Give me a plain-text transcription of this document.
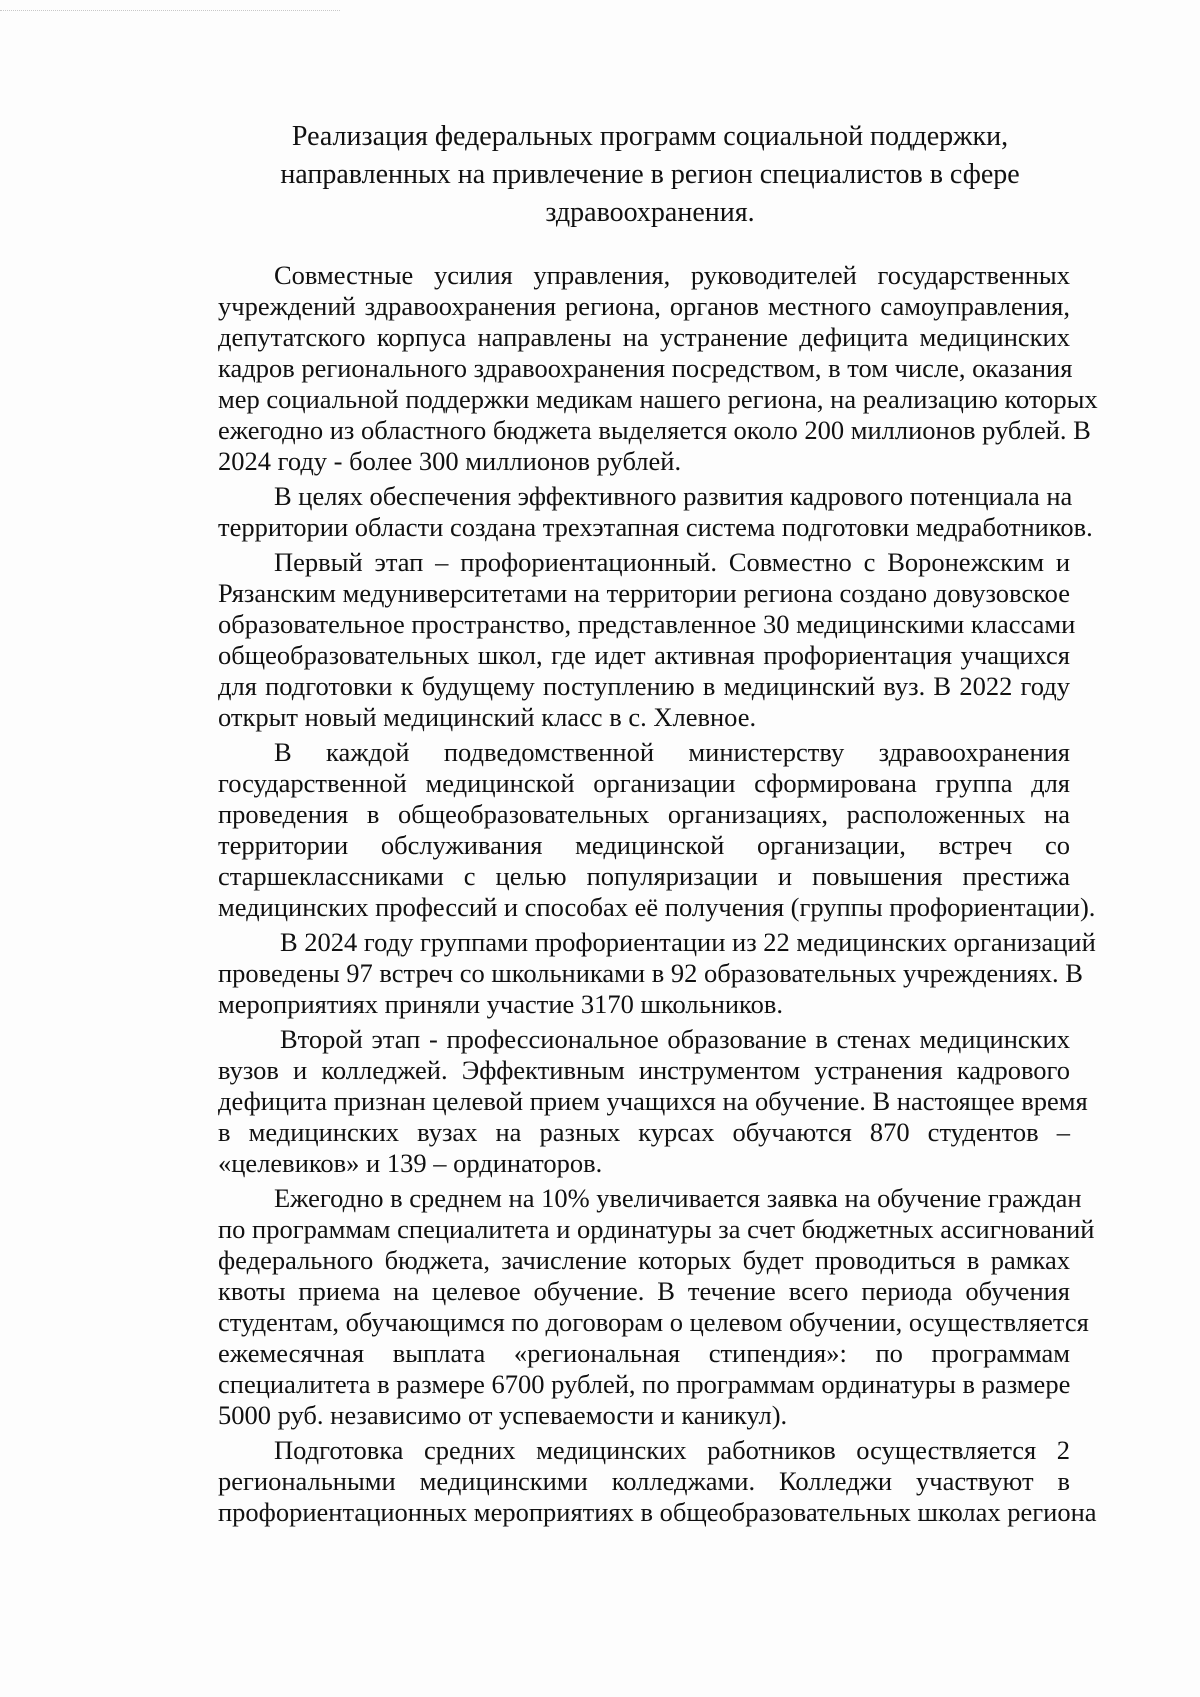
Реализация федеральных программ социальной поддержки,
направленных на привлечение в регион специалистов в сфере
здравоохранения.
Совместные усилия управления, руководителей государственных
учреждений здравоохранения региона, органов местного самоуправления,
депутатского корпуса направлены на устранение дефицита медицинских
кадров регионального здравоохранения посредством, в том числе, оказания
мер социальной поддержки медикам нашего региона, на реализацию которых
ежегодно из областного бюджета выделяется около 200 миллионов рублей. В
2024 году - более 300 миллионов рублей.
В целях обеспечения эффективного развития кадрового потенциала на
территории области создана трехэтапная система подготовки медработников.
Первый этап – профориентационный. Совместно с Воронежским и
Рязанским медуниверситетами на территории региона создано довузовское
образовательное пространство, представленное 30 медицинскими классами
общеобразовательных школ, где идет активная профориентация учащихся
для подготовки к будущему поступлению в медицинский вуз. В 2022 году
открыт новый медицинский класс в с. Хлевное.
В каждой подведомственной министерству здравоохранения
государственной медицинской организации сформирована группа для
проведения в общеобразовательных организациях, расположенных на
территории обслуживания медицинской организации, встреч со
старшеклассниками с целью популяризации и повышения престижа
медицинских профессий и способах её получения (группы профориентации).
В 2024 году группами профориентации из 22 медицинских организаций
проведены 97 встреч со школьниками в 92 образовательных учреждениях. В
мероприятиях приняли участие 3170 школьников.
Второй этап - профессиональное образование в стенах медицинских
вузов и колледжей. Эффективным инструментом устранения кадрового
дефицита признан целевой прием учащихся на обучение. В настоящее время
в медицинских вузах на разных курсах обучаются 870 студентов –
«целевиков» и 139 – ординаторов.
Ежегодно в среднем на 10% увеличивается заявка на обучение граждан
по программам специалитета и ординатуры за счет бюджетных ассигнований
федерального бюджета, зачисление которых будет проводиться в рамках
квоты приема на целевое обучение. В течение всего периода обучения
студентам, обучающимся по договорам о целевом обучении, осуществляется
ежемесячная выплата «региональная стипендия»: по программам
специалитета в размере 6700 рублей, по программам ординатуры в размере
5000 руб. независимо от успеваемости и каникул).
Подготовка средних медицинских работников осуществляется 2
региональными медицинскими колледжами. Колледжи участвуют в
профориентационных мероприятиях в общеобразовательных школах региона
